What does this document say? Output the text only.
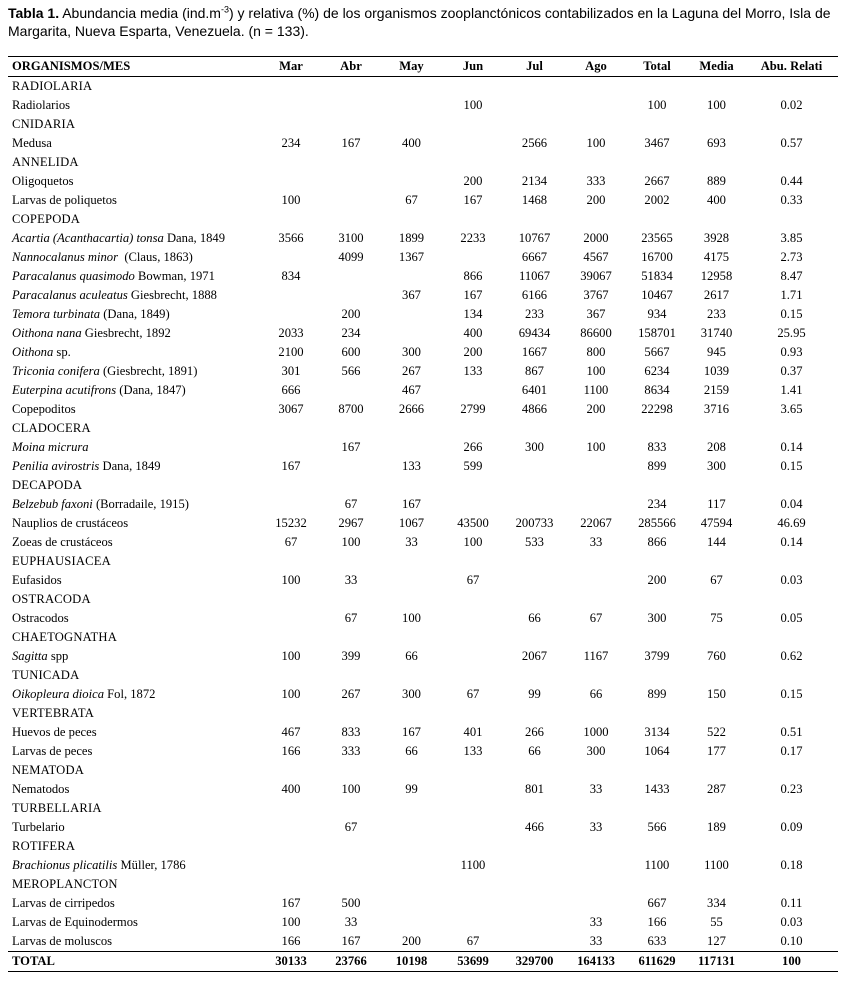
Tabla 1. Abundancia media $(ind.m^{-3})$ y relativa (%) de los organismos zooplanctónicos contabilizados en la Laguna del Morro, Isla de Margarita, Nueva Esparta, Venezuela. (n = 133).
ORGANISMOS/MES	Mar	Abr	May	Jun	Jul	Ago	Total	Media	Abu. Relati
RADIOLARIA									
Radiolarios				100			100	100	0.02
CNIDARIA									
Medusa	234	167	400		2566	100	3467	693	0.57
ANNELIDA									
Oligoquetos				200	2134	333	2667	889	0.44
Larvas de poliquetos	100		67	167	1468	200	2002	400	0.33
COPEPODA									
Acartia (Acanthacartia) tonsa Dana, 1849	3566	3100	1899	2233	10767	2000	23565	3928	3.85
Nannocalanus minor  (Claus, 1863)		4099	1367		6667	4567	16700	4175	2.73
Paracalanus quasimodo Bowman, 1971	834			866	11067	39067	51834	12958	8.47
Paracalanus aculeatus Giesbrecht, 1888			367	167	6166	3767	10467	2617	1.71
Temora turbinata (Dana, 1849)		200		134	233	367	934	233	0.15
Oithona nana Giesbrecht, 1892	2033	234		400	69434	86600	158701	31740	25.95
Oithona sp.	2100	600	300	200	1667	800	5667	945	0.93
Triconia conifera (Giesbrecht, 1891)	301	566	267	133	867	100	6234	1039	0.37
Euterpina acutifrons (Dana, 1847)	666		467		6401	1100	8634	2159	1.41
Copepoditos	3067	8700	2666	2799	4866	200	22298	3716	3.65
CLADOCERA									
Moina micrura		167		266	300	100	833	208	0.14
Penilia avirostris Dana, 1849	167		133	599			899	300	0.15
DECAPODA									
Belzebub faxoni (Borradaile, 1915)		67	167				234	117	0.04
Nauplios de crustáceos	15232	2967	1067	43500	200733	22067	285566	47594	46.69
Zoeas de crustáceos	67	100	33	100	533	33	866	144	0.14
EUPHAUSIACEA									
Eufasidos	100	33		67			200	67	0.03
OSTRACODA									
Ostracodos		67	100		66	67	300	75	0.05
CHAETOGNATHA									
Sagitta spp	100	399	66		2067	1167	3799	760	0.62
TUNICADA									
Oikopleura dioica Fol, 1872	100	267	300	67	99	66	899	150	0.15
VERTEBRATA									
Huevos de peces	467	833	167	401	266	1000	3134	522	0.51
Larvas de peces	166	333	66	133	66	300	1064	177	0.17
NEMATODA									
Nematodos	400	100	99		801	33	1433	287	0.23
TURBELLARIA									
Turbelario		67			466	33	566	189	0.09
ROTIFERA									
Brachionus plicatilis Müller, 1786				1100			1100	1100	0.18
MEROPLANCTON									
Larvas de cirripedos	167	500					667	334	0.11
Larvas de Equinodermos	100	33				33	166	55	0.03
Larvas de moluscos	166	167	200	67		33	633	127	0.10
TOTAL	30133	23766	10198	53699	329700	164133	611629	117131	100
